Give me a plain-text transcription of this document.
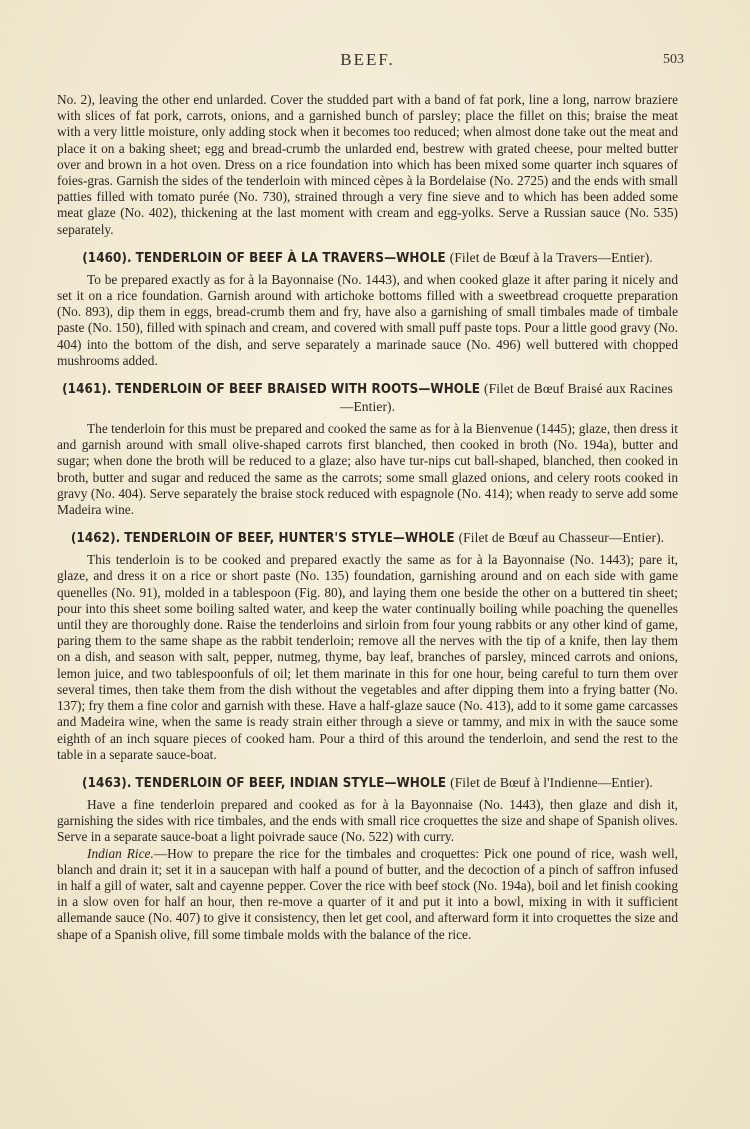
BEEF.	503

No. 2), leaving the other end unlarded. Cover the studded part with a band of fat pork, line a long, narrow braziere with slices of fat pork, carrots, onions, and a garnished bunch of parsley; place the fillet on this; braise the meat with a very little moisture, only adding stock when it becomes too reduced; when almost done take out the meat and place it on a baking sheet; egg and bread-crumb the unlarded end, bestrew with grated cheese, pour melted butter over and brown in a hot oven. Dress on a rice foundation into which has been mixed some quarter inch squares of foies-gras. Garnish the sides of the tenderloin with minced cèpes à la Bordelaise (No. 2725) and the ends with small patties filled with tomato purée (No. 730), strained through a very fine sieve and to which has been added some meat glaze (No. 402), thickening at the last moment with cream and egg-yolks. Serve a Russian sauce (No. 535) separately.

(1460). TENDERLOIN OF BEEF À LA TRAVERS—WHOLE (Filet de Bœuf à la Travers—Entier).

To be prepared exactly as for à la Bayonnaise (No. 1443), and when cooked glaze it after paring it nicely and set it on a rice foundation. Garnish around with artichoke bottoms filled with a sweetbread croquette preparation (No. 893), dip them in eggs, bread-crumb them and fry, have also a garnishing of small timbales made of timbale paste (No. 150), filled with spinach and cream, and covered with small puff paste tops. Pour a little good gravy (No. 404) into the bottom of the dish, and serve separately a marinade sauce (No. 496) well buttered with chopped mushrooms added.

(1461). TENDERLOIN OF BEEF BRAISED WITH ROOTS—WHOLE (Filet de Bœuf Braisé aux Racines—Entier).

The tenderloin for this must be prepared and cooked the same as for à la Bienvenue (1445); glaze, then dress it and garnish around with small olive-shaped carrots first blanched, then cooked in broth (No. 194a), butter and sugar; when done the broth will be reduced to a glaze; also have tur-nips cut ball-shaped, blanched, then cooked in broth, butter and sugar and reduced the same as the carrots; some small glazed onions, and celery roots cooked in gravy (No. 404). Serve separately the braise stock reduced with espagnole (No. 414); when ready to serve add some Madeira wine.

(1462). TENDERLOIN OF BEEF, HUNTER'S STYLE—WHOLE (Filet de Bœuf au Chasseur—Entier).

This tenderloin is to be cooked and prepared exactly the same as for à la Bayonnaise (No. 1443); pare it, glaze, and dress it on a rice or short paste (No. 135) foundation, garnishing around and on each side with game quenelles (No. 91), molded in a tablespoon (Fig. 80), and laying them one beside the other on a buttered tin sheet; pour into this sheet some boiling salted water, and keep the water continually boiling while poaching the quenelles until they are thoroughly done. Raise the tenderloins and sirloin from four young rabbits or any other kind of game, paring them to the same shape as the rabbit tenderloin; remove all the nerves with the tip of a knife, then lay them on a dish, and season with salt, pepper, nutmeg, thyme, bay leaf, branches of parsley, minced carrots and onions, lemon juice, and two tablespoonfuls of oil; let them marinate in this for one hour, being careful to turn them over several times, then take them from the dish without the vegetables and after dipping them into a frying batter (No. 137); fry them a fine color and garnish with these. Have a half-glaze sauce (No. 413), add to it some game carcasses and Madeira wine, when the same is ready strain either through a sieve or tammy, and mix in with the sauce some eighth of an inch square pieces of cooked ham. Pour a third of this around the tenderloin, and send the rest to the table in a separate sauce-boat.

(1463). TENDERLOIN OF BEEF, INDIAN STYLE—WHOLE (Filet de Bœuf à l'Indienne—Entier).

Have a fine tenderloin prepared and cooked as for à la Bayonnaise (No. 1443), then glaze and dish it, garnishing the sides with rice timbales, and the ends with small rice croquettes the size and shape of Spanish olives. Serve in a separate sauce-boat a light poivrade sauce (No. 522) with curry.

Indian Rice.—How to prepare the rice for the timbales and croquettes: Pick one pound of rice, wash well, blanch and drain it; set it in a saucepan with half a pound of butter, and the decoction of a pinch of saffron infused in half a gill of water, salt and cayenne pepper. Cover the rice with beef stock (No. 194a), boil and let finish cooking in a slow oven for half an hour, then re-move a quarter of it and put it into a bowl, mixing in with it sufficient allemande sauce (No. 407) to give it consistency, then let get cool, and afterward form it into croquettes the size and shape of a Spanish olive, fill some timbale molds with the balance of the rice.
